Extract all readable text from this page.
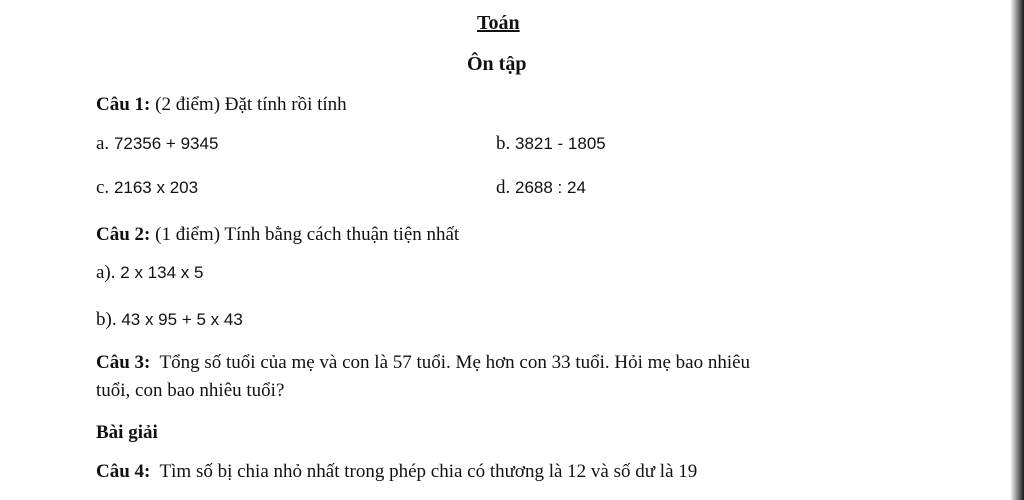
Toán
Ôn tập
Câu 1: (2 điểm) Đặt tính rồi tính
a. 72356 + 9345	b. 3821 - 1805
c. 2163 x 203	d. 2688 : 24
Câu 2: (1 điểm) Tính bằng cách thuận tiện nhất
a). 2 x 134 x 5
b). 43 x 95 + 5 x 43
Câu 3:  Tổng số tuổi của mẹ và con là 57 tuổi. Mẹ hơn con 33 tuổi. Hỏi mẹ bao nhiêu
tuổi, con bao nhiêu tuổi?
Bài giải
Câu 4:  Tìm số bị chia nhỏ nhất trong phép chia có thương là 12 và số dư là 19
